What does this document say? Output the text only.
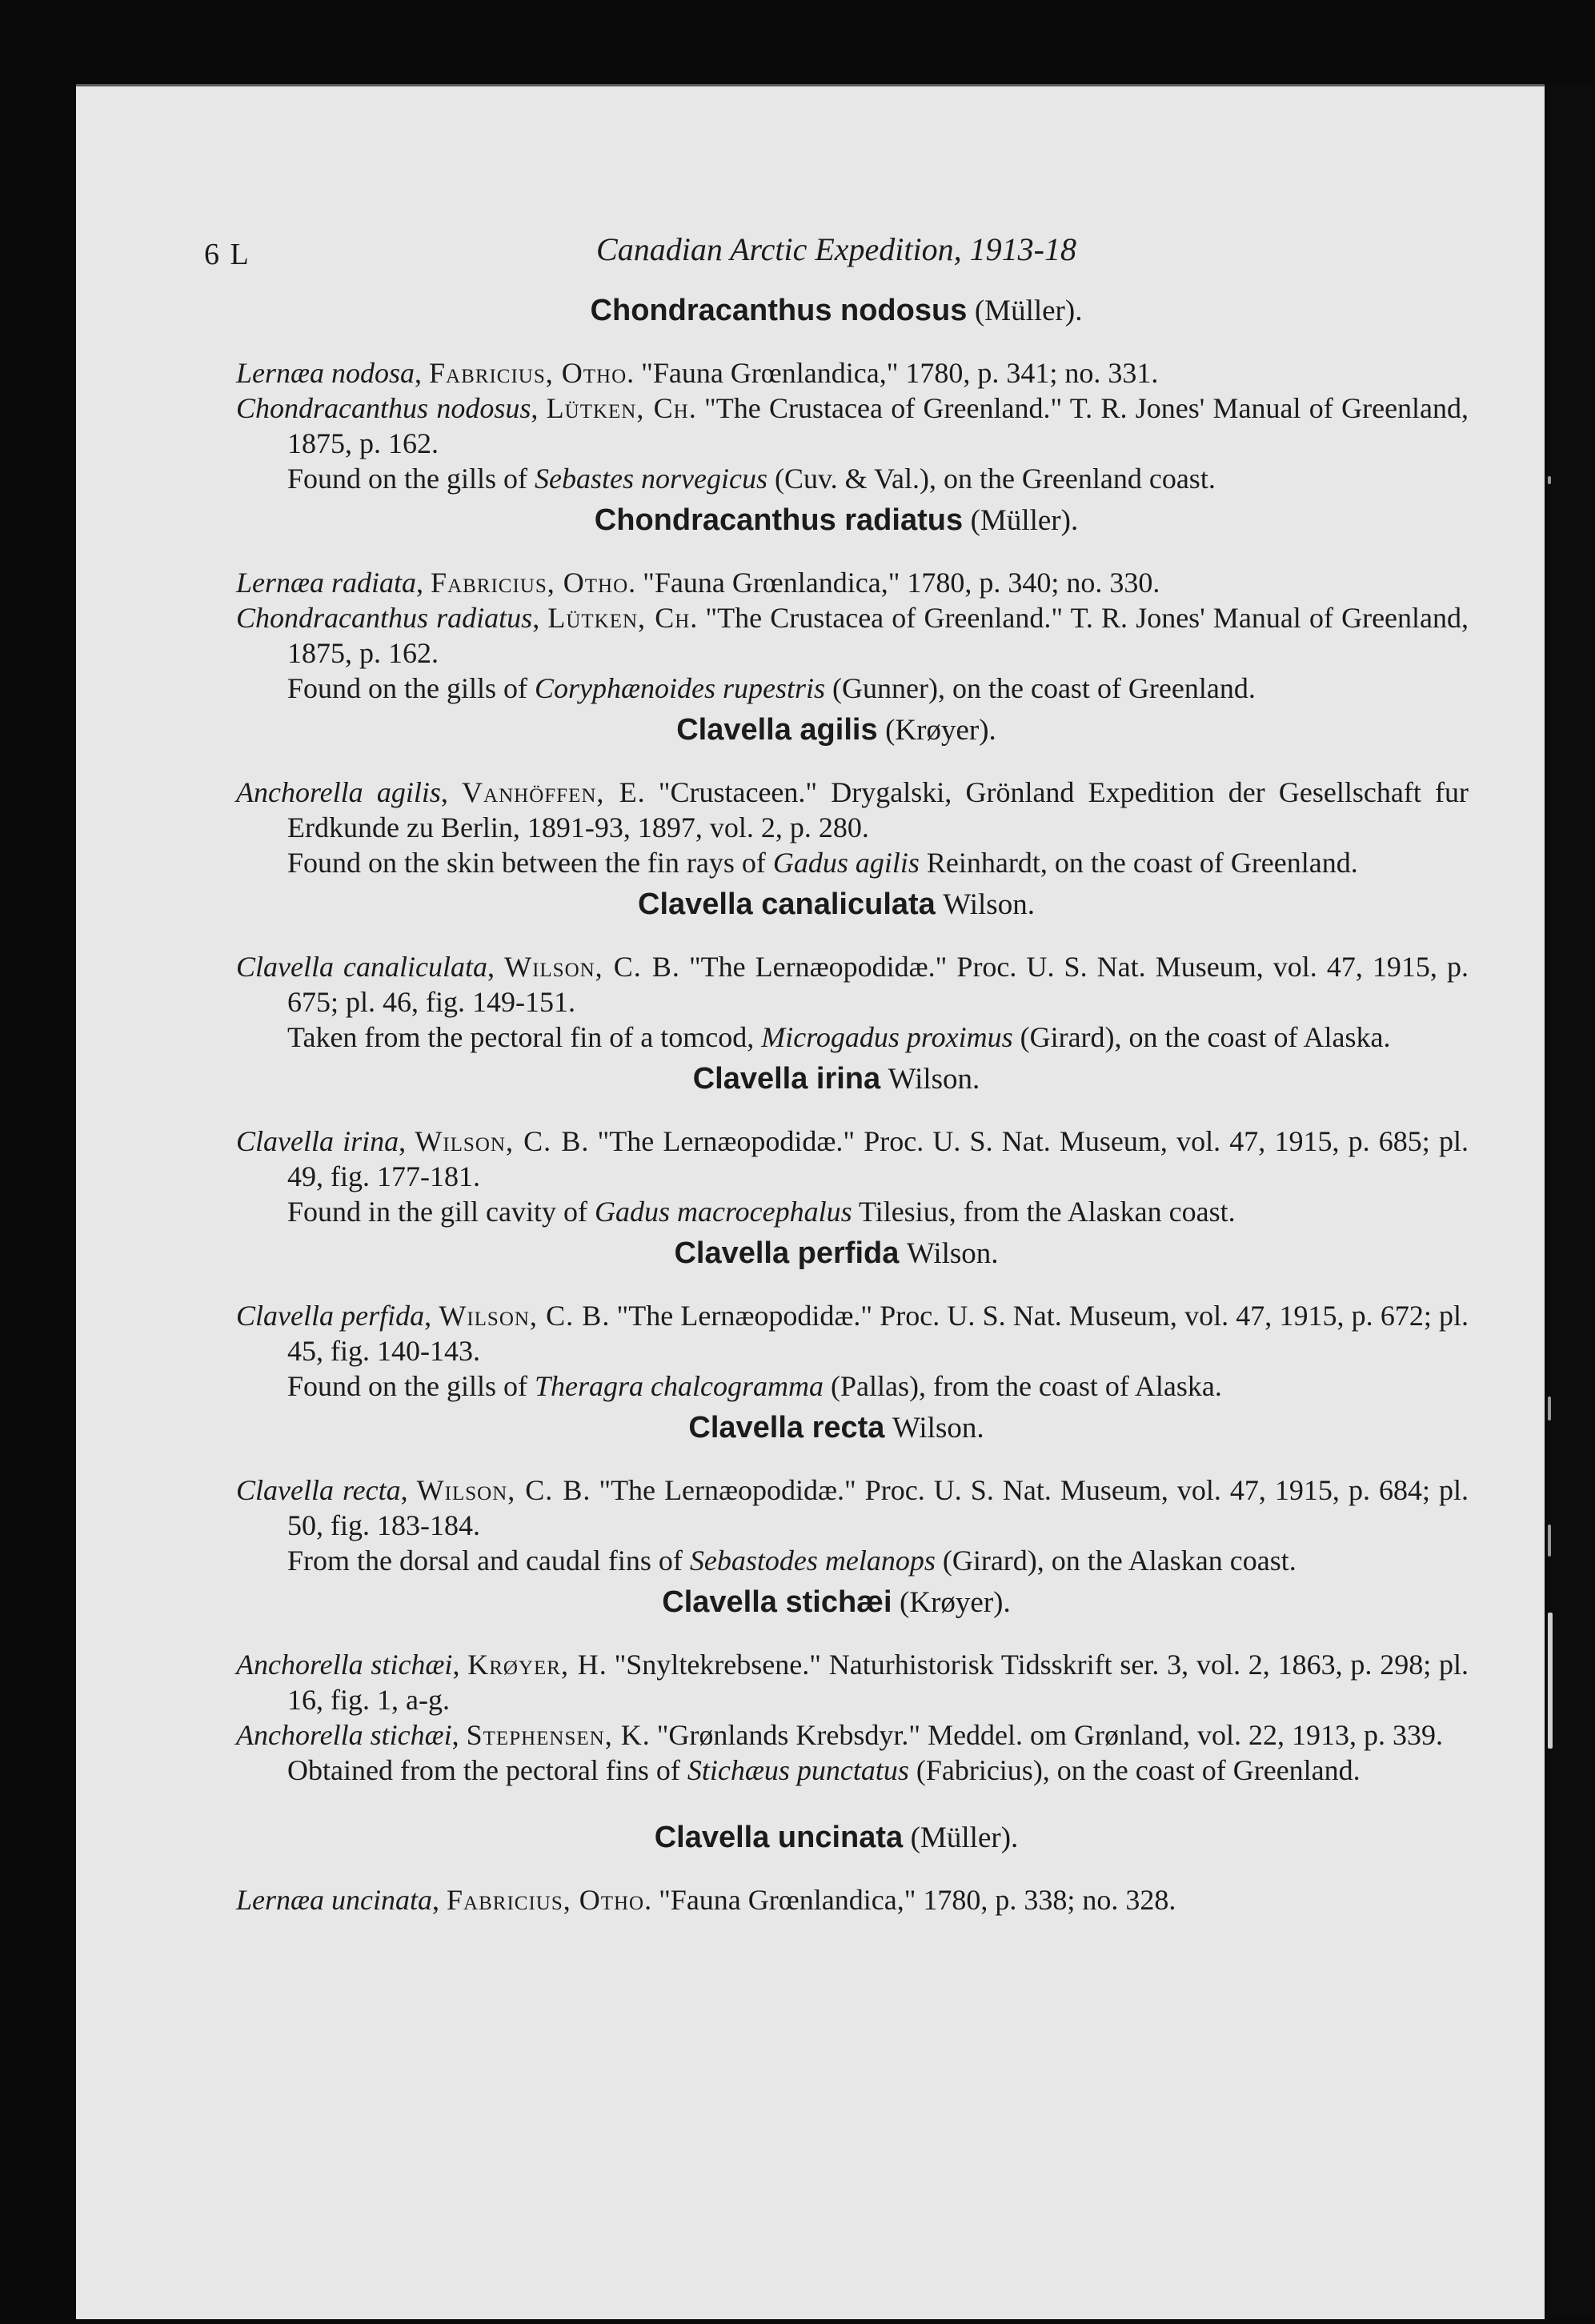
6 L	Canadian Arctic Expedition, 1913-18
Chondracanthus nodosus (Müller).

Lernæa nodosa, Fabricius, Otho. "Fauna Grœnlandica," 1780, p. 341; no. 331.

Chondracanthus nodosus, Lütken, Ch. "The Crustacea of Greenland." T. R. Jones' Manual of Greenland, 1875, p. 162.

Found on the gills of Sebastes norvegicus (Cuv. & Val.), on the Greenland coast.

Chondracanthus radiatus (Müller).

Lernæa radiata, Fabricius, Otho. "Fauna Grœnlandica," 1780, p. 340; no. 330.

Chondracanthus radiatus, Lütken, Ch. "The Crustacea of Greenland." T. R. Jones' Manual of Greenland, 1875, p. 162.

Found on the gills of Coryphænoides rupestris (Gunner), on the coast of Greenland.

Clavella agilis (Krøyer).

Anchorella agilis, Vanhöffen, E. "Crustaceen." Drygalski, Grönland Expedition der Gesellschaft fur Erdkunde zu Berlin, 1891-93, 1897, vol. 2, p. 280.

Found on the skin between the fin rays of Gadus agilis Reinhardt, on the coast of Greenland.

Clavella canaliculata Wilson.

Clavella canaliculata, Wilson, C. B. "The Lernæopodidæ." Proc. U. S. Nat. Museum, vol. 47, 1915, p. 675; pl. 46, fig. 149-151.

Taken from the pectoral fin of a tomcod, Microgadus proximus (Girard), on the coast of Alaska.

Clavella irina Wilson.

Clavella irina, Wilson, C. B. "The Lernæopodidæ." Proc. U. S. Nat. Museum, vol. 47, 1915, p. 685; pl. 49, fig. 177-181.

Found in the gill cavity of Gadus macrocephalus Tilesius, from the Alaskan coast.

Clavella perfida Wilson.

Clavella perfida, Wilson, C. B. "The Lernæopodidæ." Proc. U. S. Nat. Museum, vol. 47, 1915, p. 672; pl. 45, fig. 140-143.

Found on the gills of Theragra chalcogramma (Pallas), from the coast of Alaska.

Clavella recta Wilson.

Clavella recta, Wilson, C. B. "The Lernæopodidæ." Proc. U. S. Nat. Museum, vol. 47, 1915, p. 684; pl. 50, fig. 183-184.

From the dorsal and caudal fins of Sebastodes melanops (Girard), on the Alaskan coast.

Clavella stichæi (Krøyer).

Anchorella stichæi, Krøyer, H. "Snyltekrebsene." Naturhistorisk Tidsskrift ser. 3, vol. 2, 1863, p. 298; pl. 16, fig. 1, a-g.

Anchorella stichæi, Stephensen, K. "Grønlands Krebsdyr." Meddel. om Grønland, vol. 22, 1913, p. 339.

Obtained from the pectoral fins of Stichæus punctatus (Fabricius), on the coast of Greenland.

Clavella uncinata (Müller).

Lernæa uncinata, Fabricius, Otho. "Fauna Grœnlandica," 1780, p. 338; no. 328.
